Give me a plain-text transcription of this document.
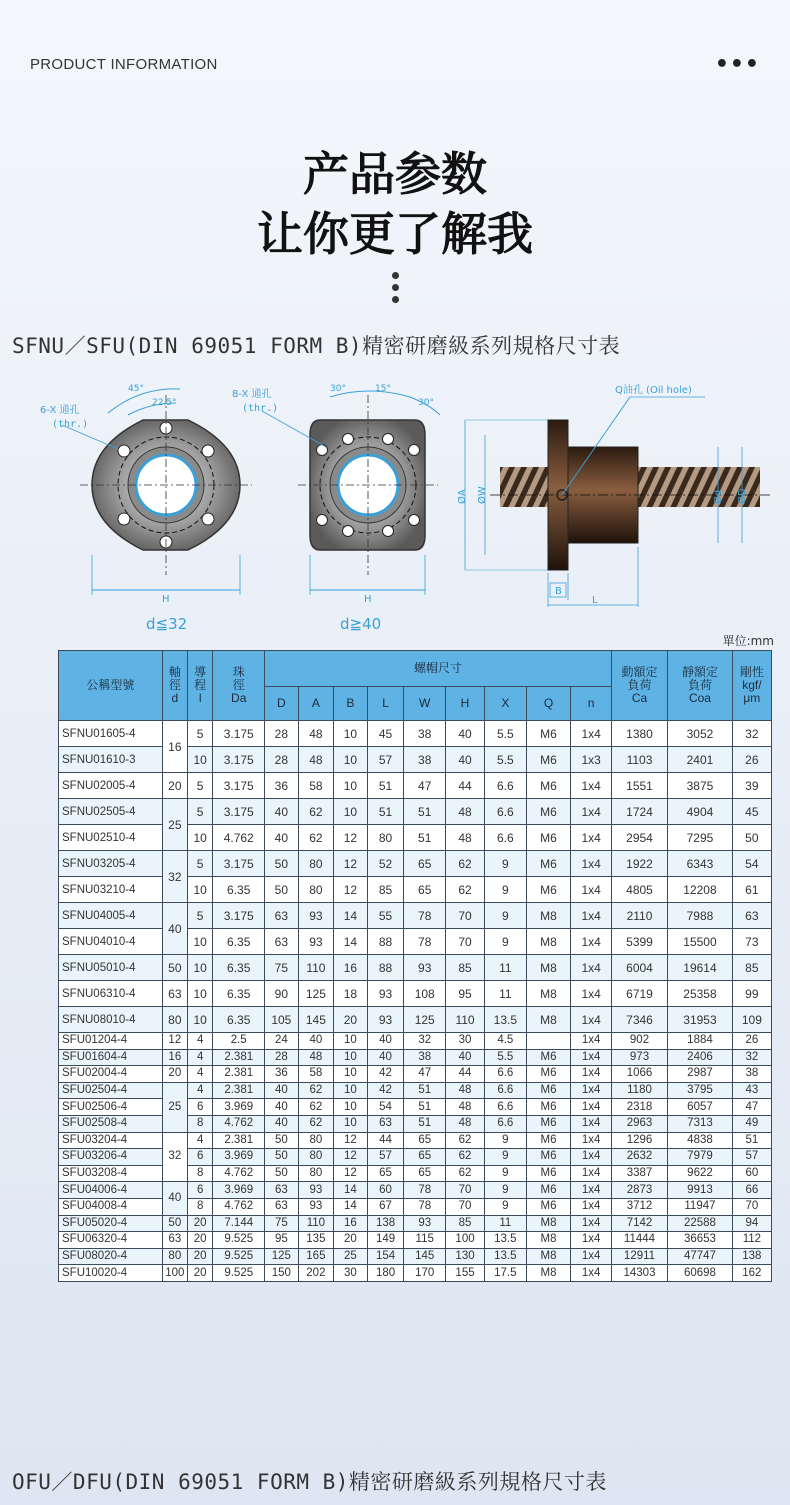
PRODUCT INFORMATION	•••
产品参数
让你更了解我
SFNU／SFU(DIN 69051 FORM B)精密研磨級系列規格尺寸表
45°
22.5°
6-X 通孔
(thr.)
H
d≦32
30°	15°
30°
8-X 通孔
(thr.)
H
d≧40
ØA ØW
Q油孔 (Oil hole)
Ød ØD
B
L
單位:mm
公稱型號	軸
徑
d	導
程
l	珠
徑
Da	螺帽尺寸									動額定
負荷
Ca	靜額定
負荷
Coa	剛性
kgf/
μm
				D	A	B	L	W	H	X	Q	n			
SFNU01605-4	16	5	3.175	28	48	10	45	38	40	5.5	M6	1x4	1380	3052	32
SFNU01610-3		10	3.175	28	48	10	57	38	40	5.5	M6	1x3	1103	2401	26
SFNU02005-4	20	5	3.175	36	58	10	51	47	44	6.6	M6	1x4	1551	3875	39
SFNU02505-4	25	5	3.175	40	62	10	51	51	48	6.6	M6	1x4	1724	4904	45
SFNU02510-4		10	4.762	40	62	12	80	51	48	6.6	M6	1x4	2954	7295	50
SFNU03205-4	32	5	3.175	50	80	12	52	65	62	9	M6	1x4	1922	6343	54
SFNU03210-4		10	6.35	50	80	12	85	65	62	9	M6	1x4	4805	12208	61
SFNU04005-4	40	5	3.175	63	93	14	55	78	70	9	M8	1x4	2110	7988	63
SFNU04010-4		10	6.35	63	93	14	88	78	70	9	M8	1x4	5399	15500	73
SFNU05010-4	50	10	6.35	75	110	16	88	93	85	11	M8	1x4	6004	19614	85
SFNU06310-4	63	10	6.35	90	125	18	93	108	95	11	M8	1x4	6719	25358	99
SFNU08010-4	80	10	6.35	105	145	20	93	125	110	13.5	M8	1x4	7346	31953	109
SFU01204-4	12	4	2.5	24	40	10	40	32	30	4.5		1x4	902	1884	26
SFU01604-4	16	4	2.381	28	48	10	40	38	40	5.5	M6	1x4	973	2406	32
SFU02004-4	20	4	2.381	36	58	10	42	47	44	6.6	M6	1x4	1066	2987	38
SFU02504-4	25	4	2.381	40	62	10	42	51	48	6.6	M6	1x4	1180	3795	43
SFU02506-4		6	3.969	40	62	10	54	51	48	6.6	M6	1x4	2318	6057	47
SFU02508-4		8	4.762	40	62	10	63	51	48	6.6	M6	1x4	2963	7313	49
SFU03204-4	32	4	2.381	50	80	12	44	65	62	9	M6	1x4	1296	4838	51
SFU03206-4		6	3.969	50	80	12	57	65	62	9	M6	1x4	2632	7979	57
SFU03208-4		8	4.762	50	80	12	65	65	62	9	M6	1x4	3387	9622	60
SFU04006-4	40	6	3.969	63	93	14	60	78	70	9	M6	1x4	2873	9913	66
SFU04008-4		8	4.762	63	93	14	67	78	70	9	M6	1x4	3712	11947	70
SFU05020-4	50	20	7.144	75	110	16	138	93	85	11	M8	1x4	7142	22588	94
SFU06320-4	63	20	9.525	95	135	20	149	115	100	13.5	M8	1x4	11444	36653	112
SFU08020-4	80	20	9.525	125	165	25	154	145	130	13.5	M8	1x4	12911	47747	138
SFU10020-4	100	20	9.525	150	202	30	180	170	155	17.5	M8	1x4	14303	60698	162
OFU／DFU(DIN 69051 FORM B)精密研磨級系列規格尺寸表
